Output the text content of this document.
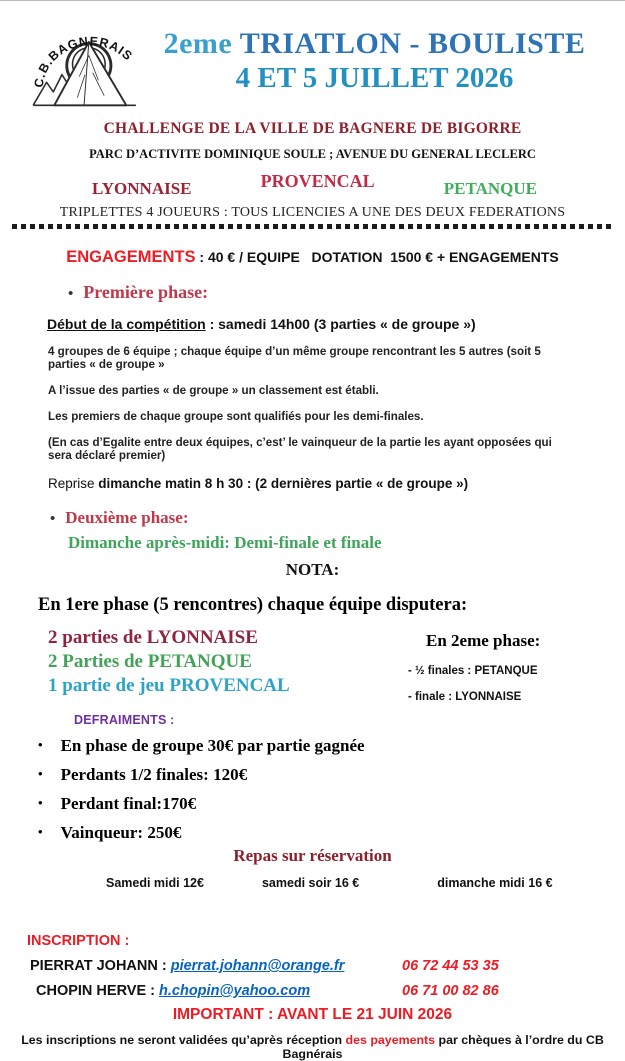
C.B.BAGNERAIS 2eme TRIATLON - BOULISTE
4 ET 5 JUILLET 2026
CHALLENGE DE LA VILLE DE BAGNERE DE BIGORRE
PARC D’ACTIVITE DOMINIQUE SOULE ; AVENUE DU GENERAL LECLERC
LYONNAISE	PROVENCAL	PETANQUE
TRIPLETTES 4 JOUEURS : TOUS LICENCIES A UNE DES DEUX FEDERATIONS
ENGAGEMENTS : 40 € / EQUIPE   DOTATION  1500 € + ENGAGEMENTS
• Première phase:
Début de la compétition : samedi 14h00 (3 parties « de groupe »)
4 groupes de 6 équipe ; chaque équipe d’un même groupe rencontrant les 5 autres (soit 5 parties « de groupe »
A l’issue des parties « de groupe » un classement est établi.
Les premiers de chaque groupe sont qualifiés pour les demi-finales.
(En cas d’Egalite entre deux équipes, c’est’ le vainqueur de la partie les ayant opposées qui sera déclaré premier)
Reprise dimanche matin 8 h 30 : (2 dernières partie « de groupe »)
• Deuxième phase:
Dimanche après-midi: Demi-finale et finale
NOTA:
En 1ere phase (5 rencontres) chaque équipe disputera:
2 parties de LYONNAISE
2 Parties de PETANQUE
1 partie de jeu PROVENCAL
En 2eme phase:
- ½ finales : PETANQUE
- finale : LYONNAISE
DEFRAIMENTS :
• En phase de groupe 30€ par partie gagnée
• Perdants 1/2 finales: 120€
• Perdant final:170€
• Vainqueur: 250€
Repas sur réservation
Samedi midi 12€	samedi soir 16 €	dimanche midi 16 €
INSCRIPTION :
PIERRAT JOHANN : pierrat.johann@orange.fr	06 72 44 53 35
CHOPIN HERVE : h.chopin@yahoo.com	06 71 00 82 86
IMPORTANT : AVANT LE 21 JUIN 2026
Les inscriptions ne seront validées qu’après réception des payements par chèques à l’ordre du CB Bagnérais
